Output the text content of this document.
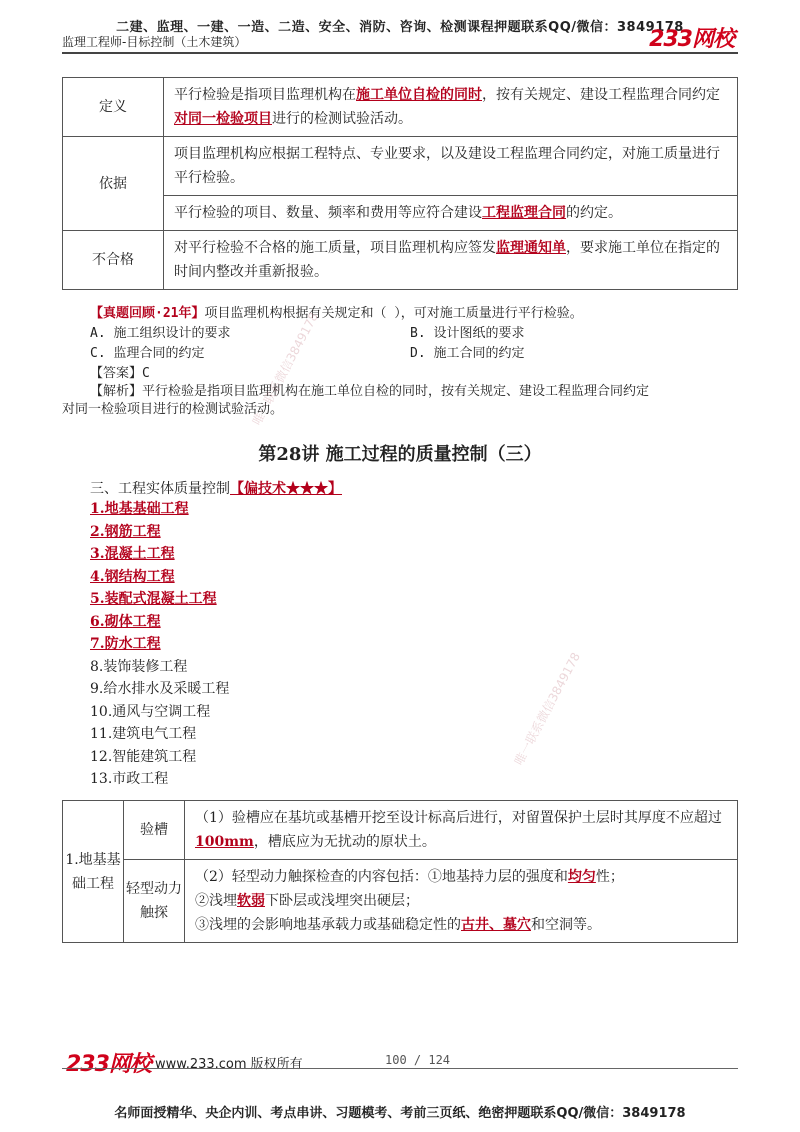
二建、监理、一建、一造、二造、安全、消防、咨询、检测课程押题联系QQ/微信：3849178
监理工程师-目标控制（土木建筑）	233网校
定义	平行检验是指项目监理机构在施工单位自检的同时，按有关规定、建设工程监理合同约定对同一检验项目进行的检测试验活动。
依据	项目监理机构应根据工程特点、专业要求，以及建设工程监理合同约定，对施工质量进行平行检验。
	平行检验的项目、数量、频率和费用等应符合建设工程监理合同的约定。
不合格	对平行检验不合格的施工质量，项目监理机构应签发监理通知单，要求施工单位在指定的时间内整改并重新报验。
【真题回顾·21年】项目监理机构根据有关规定和（ ），可对施工质量进行平行检验。
A. 施工组织设计的要求	B. 设计图纸的要求
C. 监理合同的约定	D. 施工合同的约定
【答案】C
【解析】平行检验是指项目监理机构在施工单位自检的同时，按有关规定、建设工程监理合同约定
对同一检验项目进行的检测试验活动。
唯一联系微信3849178
第28讲 施工过程的质量控制（三）
三、工程实体质量控制【偏技术★★★】
1.地基基础工程
2.钢筋工程
3.混凝土工程
4.钢结构工程
5.装配式混凝土工程
6.砌体工程
7.防水工程
8.装饰装修工程
9.给水排水及采暖工程
10.通风与空调工程
11.建筑电气工程
12.智能建筑工程
13.市政工程
唯一联系微信3849178
1.地基基础工程	验槽	（1）验槽应在基坑或基槽开挖至设计标高后进行，对留置保护土层时其厚度不应超过100mm，槽底应为无扰动的原状土。
	轻型动力触探	（2）轻型动力触探检查的内容包括：①地基持力层的强度和均匀性；
②浅埋软弱下卧层或浅埋突出硬层；
③浅埋的会影响地基承载力或基础稳定性的古井、墓穴和空洞等。
233网校 www.233.com 版权所有	100 / 124
名师面授精华、央企内训、考点串讲、习题模考、考前三页纸、绝密押题联系QQ/微信：3849178
